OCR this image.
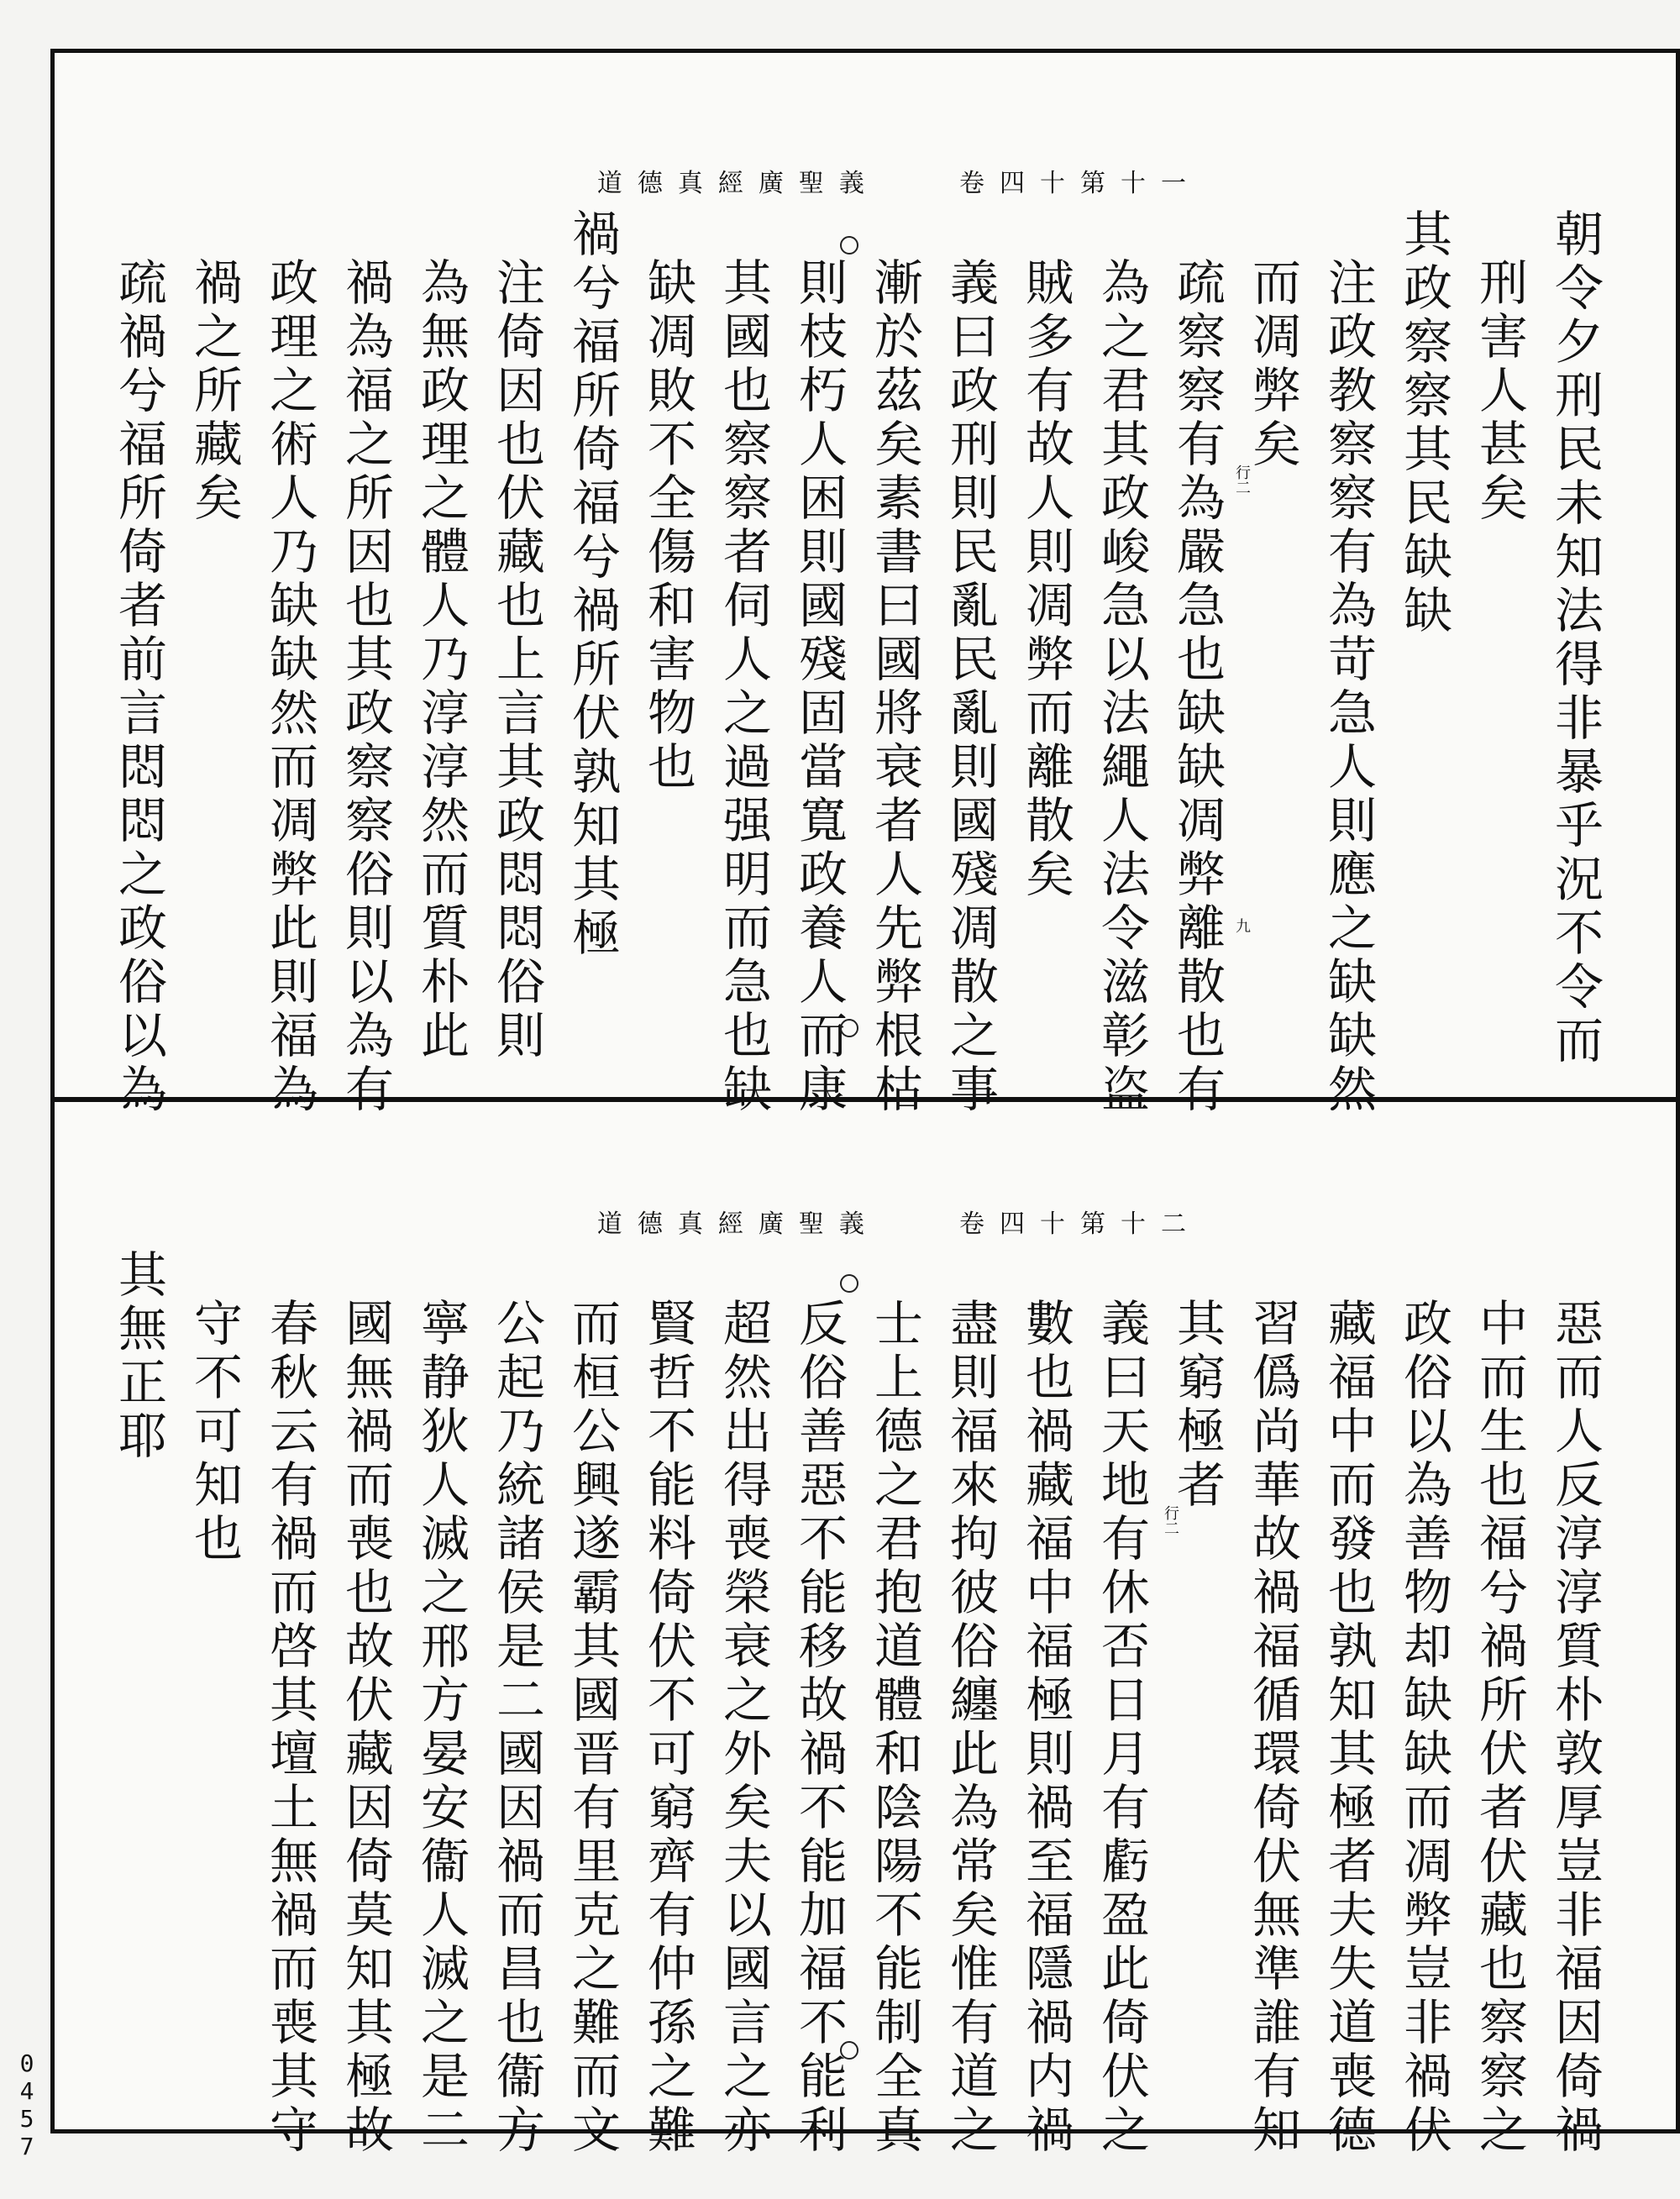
道德真經廣聖義	卷四十第十一
朝令夕刑民未知法得非暴乎況不令而
刑害人甚矣
其政察察其民缺缺
注政教察察有為苛急人則應之缺缺然
而凋弊矣
疏察察有為嚴急也缺缺凋弊離散也有
為之君其政峻急以法繩人法令滋彰盗
賊多有故人則凋弊而離散矣
義曰政刑則民亂民亂則國殘凋散之事
漸於茲矣素書曰國將衰者人先弊根枯
則枝朽人困則國殘固當寬政養人而康
其國也察察者伺人之過强明而急也缺
缺凋敗不全傷和害物也
禍兮福所倚福兮禍所伏孰知其極
注倚因也伏藏也上言其政悶悶俗則
為無政理之體人乃淳淳然而質朴此
禍為福之所因也其政察察俗則以為有
政理之術人乃缺缺然而凋弊此則福為
禍之所藏矣
疏禍兮福所倚者前言悶悶之政俗以為	行二
九
道德真經廣聖義	卷四十第十二
惡而人反淳淳質朴敦厚豈非福因倚禍
中而生也福兮禍所伏者伏藏也察察之
政俗以為善物却缺缺而凋弊豈非禍伏
藏福中而發也孰知其極者夫失道喪德
習僞尚華故禍福循環倚伏無準誰有知
其窮極者
義曰天地有休否日月有虧盈此倚伏之
數也禍藏福中福極則禍至福隱禍内禍
盡則福來拘彼俗纏此為常矣惟有道之
士上德之君抱道體和陰陽不能制全真
反俗善惡不能移故禍不能加福不能利
超然出得喪榮衰之外矣夫以國言之亦
賢哲不能料倚伏不可窮齊有仲孫之難
而桓公興遂霸其國晋有里克之難而文
公起乃統諸侯是二國因禍而昌也衞方
寧静狄人滅之邢方晏安衞人滅之是二
國無禍而喪也故伏藏因倚莫知其極故
春秋云有禍而啓其壇土無禍而喪其守
守不可知也
其無正耶
行二
0
4
5
7
